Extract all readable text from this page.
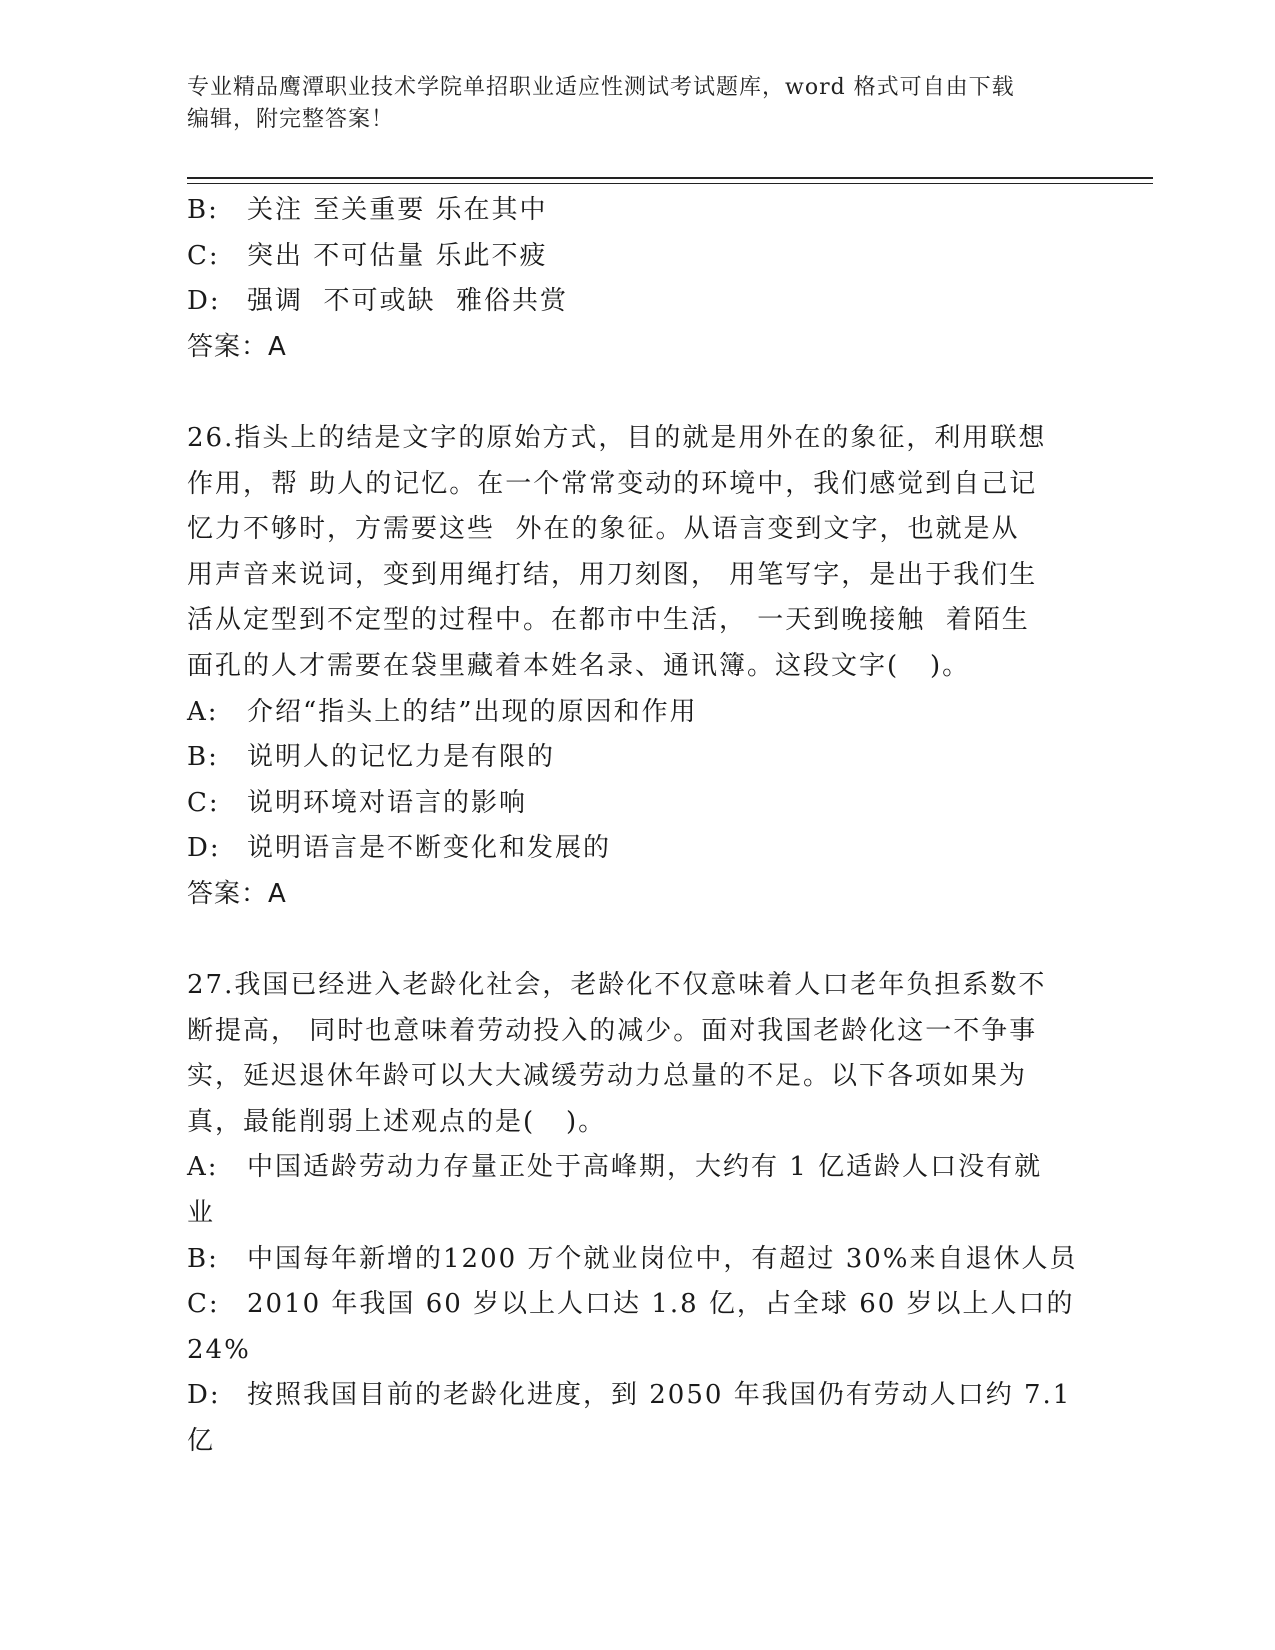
专业精品鹰潭职业技术学院单招职业适应性测试考试题库，word 格式可自由下载
编辑，附完整答案！
B:	关注 至关重要 乐在其中
C:	突出 不可估量 乐此不疲
D:	强调  不可或缺  雅俗共赏
答案：A
26.指头上的结是文字的原始方式，目的就是用外在的象征，利用联想
作用，帮 助人的记忆。在一个常常变动的环境中，我们感觉到自己记
忆力不够时，方需要这些  外在的象征。从语言变到文字，也就是从
用声音来说词，变到用绳打结，用刀刻图， 用笔写字，是出于我们生
活从定型到不定型的过程中。在都市中生活， 一天到晚接触  着陌生
面孔的人才需要在袋里藏着本姓名录、通讯簿。这段文字(   )。
A:	介绍“指头上的结”出现的原因和作用
B:	说明人的记忆力是有限的
C:	说明环境对语言的影响
D:	说明语言是不断变化和发展的
答案：A
27.我国已经进入老龄化社会，老龄化不仅意味着人口老年负担系数不
断提高， 同时也意味着劳动投入的减少。面对我国老龄化这一不争事
实，延迟退休年龄可以大大减缓劳动力总量的不足。以下各项如果为
真，最能削弱上述观点的是(   )。
A:	中国适龄劳动力存量正处于高峰期，大约有 1 亿适龄人口没有就
业
B:	中国每年新增的1200 万个就业岗位中，有超过 30%来自退休人员
C:	2010 年我国 60 岁以上人口达 1.8 亿，占全球 60 岁以上人口的
24%
D:	按照我国目前的老龄化进度，到 2050 年我国仍有劳动人口约 7.1
亿
